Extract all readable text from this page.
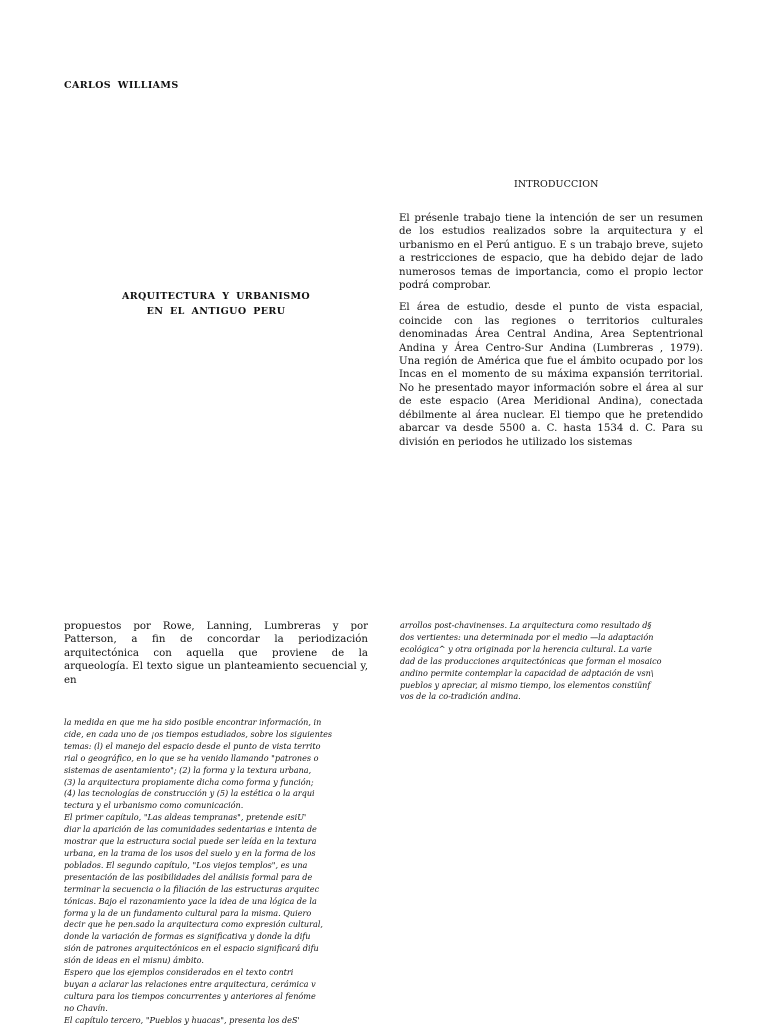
CARLOS WILLIAMS
ARQUITECTURA Y URBANISMO
EN EL ANTIGUO PERU
INTRODUCCION

El présenle trabajo tiene la intención de ser un resumen de los estudios realizados sobre la arquitectura y el urbanismo en el Perú antiguo. E s un trabajo breve, sujeto a restricciones de espacio, que ha debido dejar de lado numerosos temas de importancia, como el propio lector podrá comprobar.

El área de estudio, desde el punto de vista espacial, coincide con las regiones o territorios culturales denominadas Área Central Andina, Area Septentrional Andina y Área Centro-Sur Andina (Lumbreras , 1979). Una región de América que fue el ámbito ocupado por los Incas en el momento de su máxima expansión territorial. No he presentado mayor información sobre el área al sur de este espacio (Area Meridional Andina), conectada débilmente al área nuclear. El tiempo que he pretendido abarcar va desde 5500 a. C. hasta 1534 d. C. Para su división en periodos he utilizado los sistemas

propuestos por Rowe, Lanning, Lumbreras y por Patterson, a fin de concordar la periodización arquitectónica con aquella que proviene de la arqueología. El texto sigue un planteamiento secuencial y, en

arrollos post-chavinenses. La arquitectura como resultado d§
dos vertientes: una determinada por el medio —la adaptación
ecológica^ y otra originada por la herencia cultural. La varie
dad de las producciones arquitectónicas que forman el mosaico
andino permite contemplar la capacidad de adptación de vsn\
pueblos y apreciar, al mismo tiempo, los elementos constiünf
vos de la co-tradición andina.
la medida en que me ha sido posible encontrar información, in
cide, en cada uno de ¡os tiempos estudiados, sobre los siguientes
temas: (l) el manejo del espacio desde el punto de vista territo
rial o geográfico, en lo que se ha venido llamando "patrones o
sistemas de asentamiento"; (2) la forma y la textura urbana,
(3) la arquitectura propiamente dicha como forma y función;
(4) las tecnologías de construcción y (5) la estética o la arqui
tectura y el urbanismo como comunicación.
El primer capítulo, "Las aldeas tempranas", pretende esiU'
diar la aparición de las comunidades sedentarias e intenta de
mostrar que la estructura social puede ser leída en la textura
urbana, en la trama de los usos del suelo y en la forma de los
poblados. El segundo capítulo, "Los viejos templos", es una
presentación de las posibilidades del análisis formal para de
terminar la secuencia o la filiación de las estructuras arquitec
tónicas. Bajo el razonamiento yace la idea de una lógica de la
forma y la de un fundamento cultural para la misma. Quiero
decir que he pen.sado la arquitectura como expresión cultural,
donde la variación de formas es significativa y donde la difu
sión de patrones arquitectónicos en el espacio significará difu
sión de ideas en el misnu) ámbito.
Espero que los ejemplos considerados en el texto contri
buyan a aclarar las relaciones entre arquitectura, cerámica v
cultura para los tiempos concurrentes y anteriores al fenóme
no Chavín.
El capítulo tercero, "Pueblos y huacas", presenta los deS'
